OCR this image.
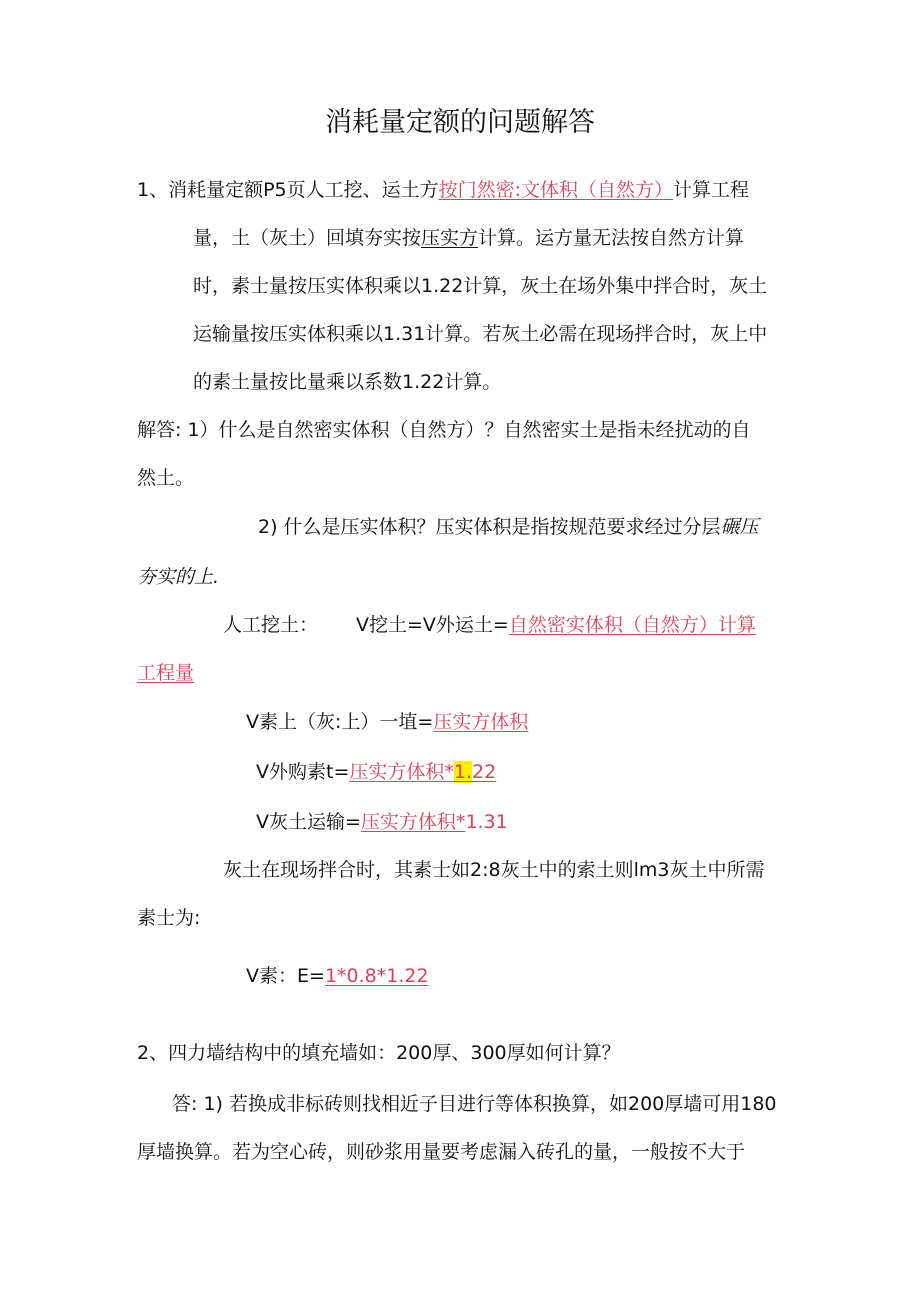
消耗量定额的问题解答
1、消耗量定额P5页人工挖、运土方按门然密:文体积（自然方）计算工程
量，土（灰土）回填夯实按压实方计算。运方量无法按自然方计算
时，素士量按压实体积乘以1.22计算，灰土在场外集中拌合时，灰土
运输量按压实体积乘以1.31计算。若灰土必需在现场拌合时，灰上中
的素土量按比量乘以系数1.22计算。
解答: 1）什么是自然密实体积（自然方）？自然密实土是指未经扰动的自
然土。
2) 什么是压实体积？压实体积是指按规范要求经过分层碾压
夯实的上.
人工挖土： V挖土=V外运土=自然密实体积（自然方）计算
工程量
V素上（灰:上）一埴=压实方体积
V外购素t=压实方体积*1.22
V灰土运输=压实方体积*1.31
灰土在现场拌合时，其素士如2:8灰土中的索土则lm3灰土中所需
素士为:
V素：E=1*0.8*1.22
2、四力墙结构中的填充墙如：200厚、300厚如何计算？
答: 1) 若换成非标砖则找相近子目进行等体积换算，如200厚墙可用180
厚墙换算。若为空心砖，则砂浆用量要考虑漏入砖孔的量，一般按不大于
